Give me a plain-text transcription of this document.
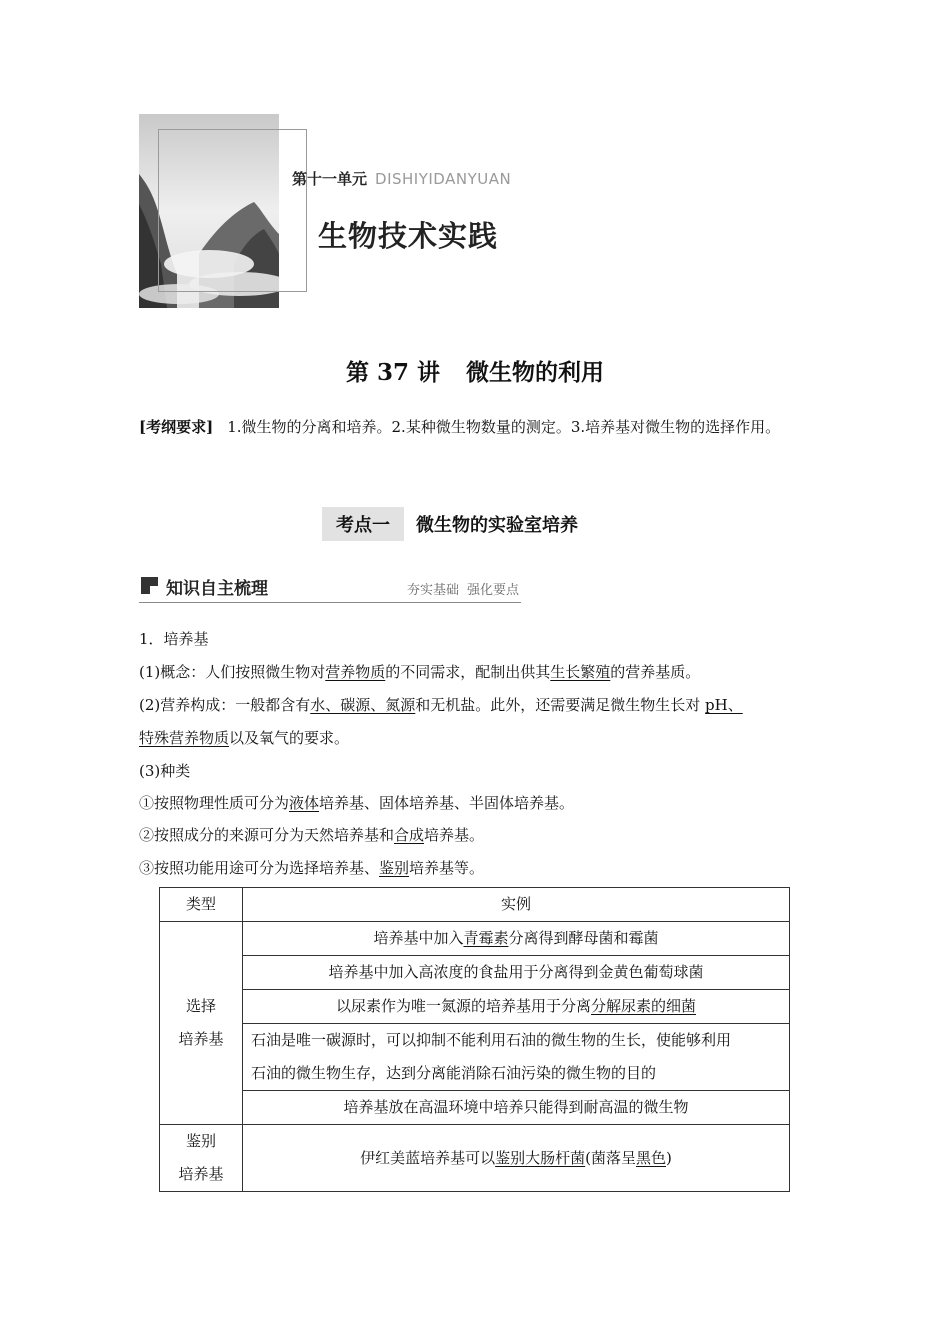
第十一单元 DISHIYIDANYUAN
生物技术实践
第 37 讲 微生物的利用
[考纲要求] 1.微生物的分离和培养。2.某种微生物数量的测定。3.培养基对微生物的选择作用。
考点一 微生物的实验室培养
知识自主梳理	夯实基础 强化要点
1．培养基
(1)概念：人们按照微生物对营养物质的不同需求，配制出供其生长繁殖的营养基质。
(2)营养构成：一般都含有水、碳源、氮源和无机盐。此外，还需要满足微生物生长对 pH、
特殊营养物质以及氧气的要求。
(3)种类
①按照物理性质可分为液体培养基、固体培养基、半固体培养基。
②按照成分的来源可分为天然培养基和合成培养基。
③按照功能用途可分为选择培养基、鉴别培养基等。
类型	实例

选择
培养基	培养基中加入青霉素分离得到酵母菌和霉菌
	培养基中加入高浓度的食盐用于分离得到金黄色葡萄球菌
	以尿素作为唯一氮源的培养基用于分离分解尿素的细菌

	石油是唯一碳源时，可以抑制不能利用石油的微生物的生长，使能够利用
石油的微生物生存，达到分离能消除石油污染的微生物的目的

	培养基放在高温环境中培养只能得到耐高温的微生物

鉴别
培养基	伊红美蓝培养基可以鉴别大肠杆菌(菌落呈黑色)
